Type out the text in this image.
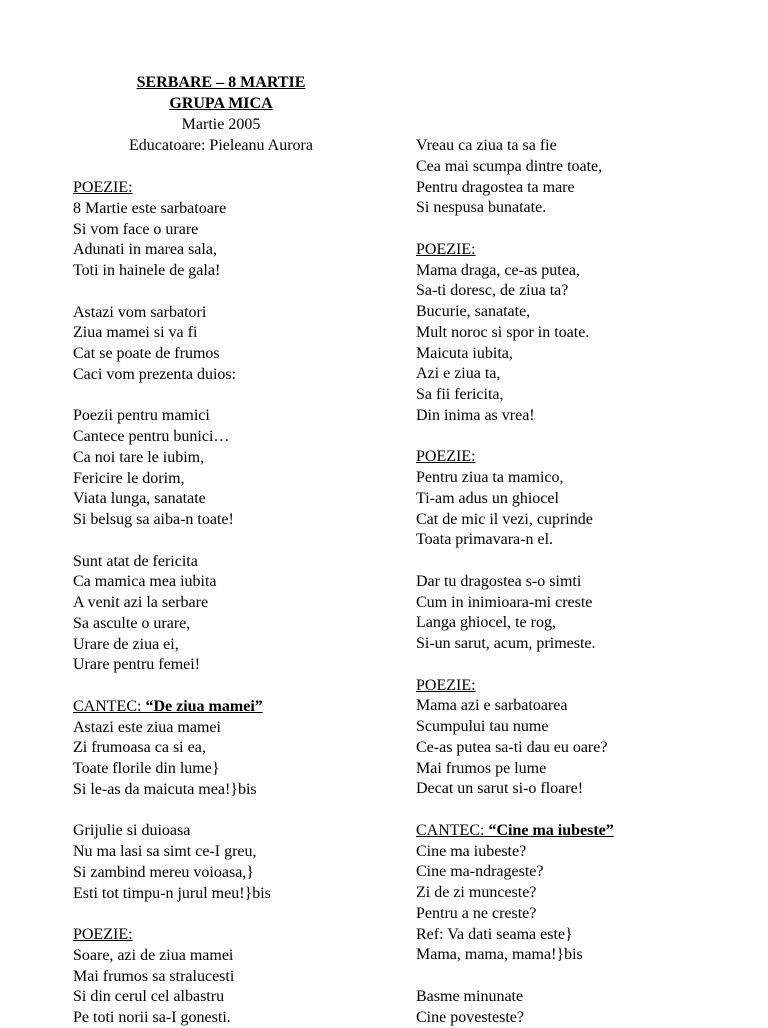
SERBARE – 8 MARTIE
GRUPA MICA
Martie 2005
Educatoare: Pieleanu Aurora
POEZIE:
8 Martie este sarbatoare
Si vom face o urare
Adunati in marea sala,
Toti in hainele de gala!
Astazi vom sarbatori
Ziua mamei si va fi
Cat se poate de frumos
Caci vom prezenta duios:
Poezii pentru mamici
Cantece pentru bunici…
Ca noi tare le iubim,
Fericire le dorim,
Viata lunga, sanatate
Si belsug sa aiba-n toate!
Sunt atat de fericita
Ca mamica mea iubita
A venit azi la serbare
Sa asculte o urare,
Urare de ziua ei,
Urare pentru femei!
CANTEC: “De ziua mamei”
Astazi este ziua mamei
Zi frumoasa ca si ea,
Toate florile din lume}
Si le-as da maicuta mea!}bis
Grijulie si duioasa
Nu ma lasi sa simt ce-I greu,
Si zambind mereu voioasa,}
Esti tot timpu-n jurul meu!}bis
POEZIE:
Soare, azi de ziua mamei
Mai frumos sa stralucesti
Si din cerul cel albastru
Pe toti norii sa-I gonesti.
Vreau ca ziua ta sa fie
Cea mai scumpa dintre toate,
Pentru dragostea ta mare
Si nespusa bunatate.
POEZIE:
Mama draga, ce-as putea,
Sa-ti doresc, de ziua ta?
Bucurie, sanatate,
Mult noroc si spor in toate.
Maicuta iubita,
Azi e ziua ta,
Sa fii fericita,
Din inima as vrea!
POEZIE:
Pentru ziua ta mamico,
Ti-am adus un ghiocel
Cat de mic il vezi, cuprinde
Toata primavara-n el.
Dar tu dragostea s-o simti
Cum in inimioara-mi creste
Langa ghiocel, te rog,
Si-un sarut, acum, primeste.
POEZIE:
Mama azi e sarbatoarea
Scumpului tau nume
Ce-as putea sa-ti dau eu oare?
Mai frumos pe lume
Decat un sarut si-o floare!
CANTEC: “Cine ma iubeste”
Cine ma iubeste?
Cine ma-ndrageste?
Zi de zi munceste?
Pentru a ne creste?
Ref: Va dati seama este}
Mama, mama, mama!}bis
Basme minunate
Cine povesteste?
